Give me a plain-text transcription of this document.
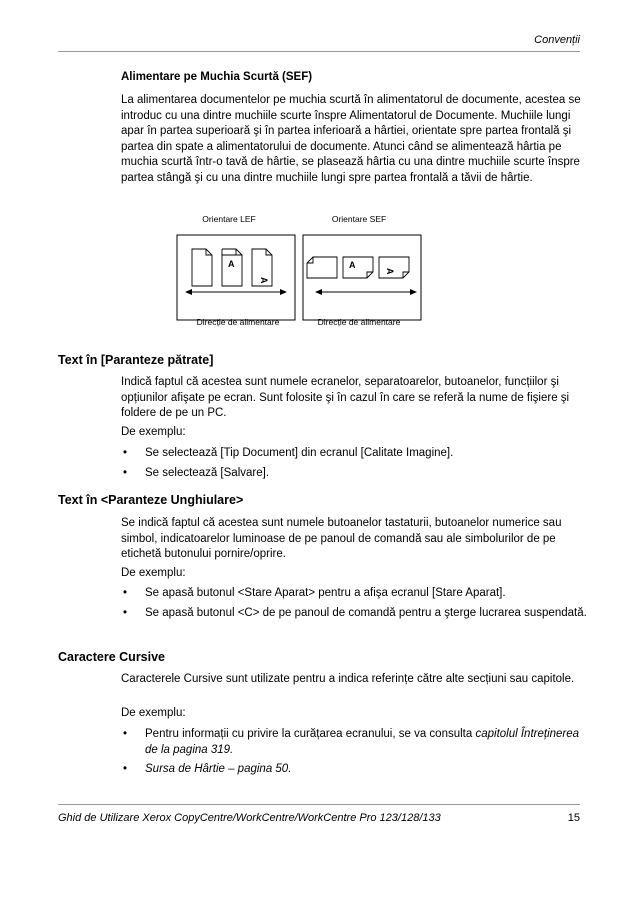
Convenții
Alimentare pe Muchia Scurtă (SEF)
La alimentarea documentelor pe muchia scurtă în alimentatorul de documente, acestea se introduc cu una dintre muchiile scurte înspre Alimentatorul de Documente. Muchiile lungi apar în partea superioară şi în partea inferioară a hârtiei, orientate spre partea frontală şi partea din spate a alimentatorului de documente. Atunci când se alimentează hârtia pe muchia scurtă într-o tavă de hârtie, se plasează hârtia cu una dintre muchiile scurte înspre partea stângă şi cu una dintre muchiile lungi spre partea frontală a tăvii de hârtie.
Orientare LEF	Orientare SEF
A
A
Direcție de alimentare
A
A
Direcție de alimentare
Text în [Paranteze pătrate]
Indică faptul că acestea sunt numele ecranelor, separatoarelor, butoanelor, funcțiilor şi opțiunilor afişate pe ecran. Sunt folosite şi în cazul în care se referă la nume de fişiere şi foldere de pe un PC.
De exemplu:
• Se selectează [Tip Document] din ecranul [Calitate Imagine].
• Se selectează [Salvare].
Text în <Paranteze Unghiulare>
Se indică faptul că acestea sunt numele butoanelor tastaturii, butoanelor numerice sau simbol, indicatoarelor luminoase de pe panoul de comandă sau ale simbolurilor de pe etichetă butonului pornire/oprire.
De exemplu:
• Se apasă butonul <Stare Aparat> pentru a afişa ecranul [Stare Aparat].
• Se apasă butonul <C> de pe panoul de comandă pentru a şterge lucrarea suspendată.
Caractere Cursive
Caracterele Cursive sunt utilizate pentru a indica referințe către alte secțiuni sau capitole.
De exemplu:
• Pentru informații cu privire la curățarea ecranului, se va consulta capitolul Întreținerea de la pagina 319.
• Sursa de Hârtie – pagina 50.
Ghid de Utilizare Xerox CopyCentre/WorkCentre/WorkCentre Pro 123/128/133	15
